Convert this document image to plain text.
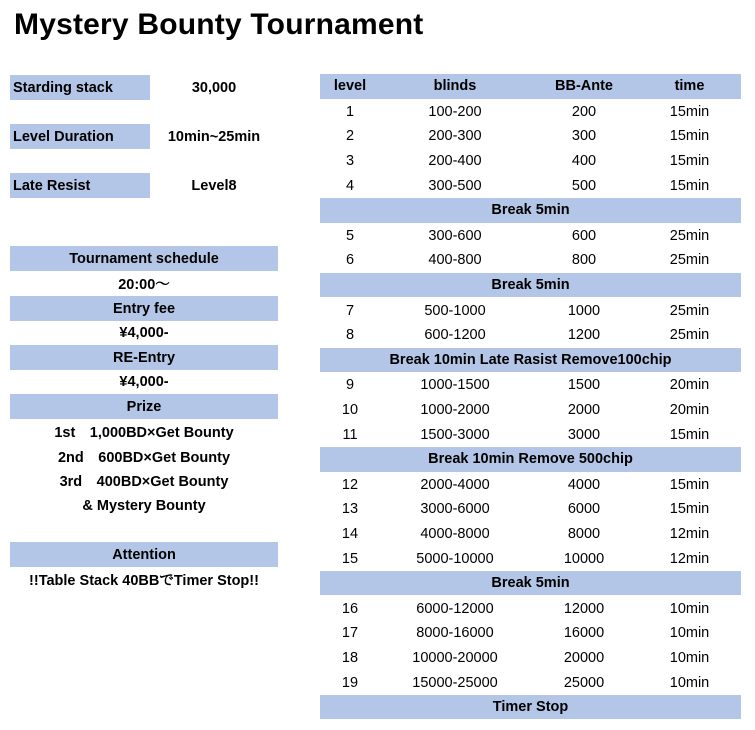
Mystery Bounty Tournament
Starding stack	30,000
Level Duration	10min~25min
Late Resist	Level8
Tournament schedule
20:00～
Entry fee
¥4,000-
RE-Entry
¥4,000-
Prize
1st　1,000BD×Get Bounty
2nd　600BD×Get Bounty
3rd　400BD×Get Bounty
& Mystery Bounty
Attention
!!Table Stack 40BBでTimer Stop!!
level	blinds	BB-Ante	time
1	100-200	200	15min
2	200-300	300	15min
3	200-400	400	15min
4	300-500	500	15min
Break 5min
5	300-600	600	25min
6	400-800	800	25min
Break 5min
7	500-1000	1000	25min
8	600-1200	1200	25min
Break 10min Late Rasist Remove100chip
9	1000-1500	1500	20min
10	1000-2000	2000	20min
11	1500-3000	3000	15min
Break 10min Remove 500chip
12	2000-4000	4000	15min
13	3000-6000	6000	15min
14	4000-8000	8000	12min
15	5000-10000	10000	12min
Break 5min
16	6000-12000	12000	10min
17	8000-16000	16000	10min
18	10000-20000	20000	10min
19	15000-25000	25000	10min
Timer Stop
